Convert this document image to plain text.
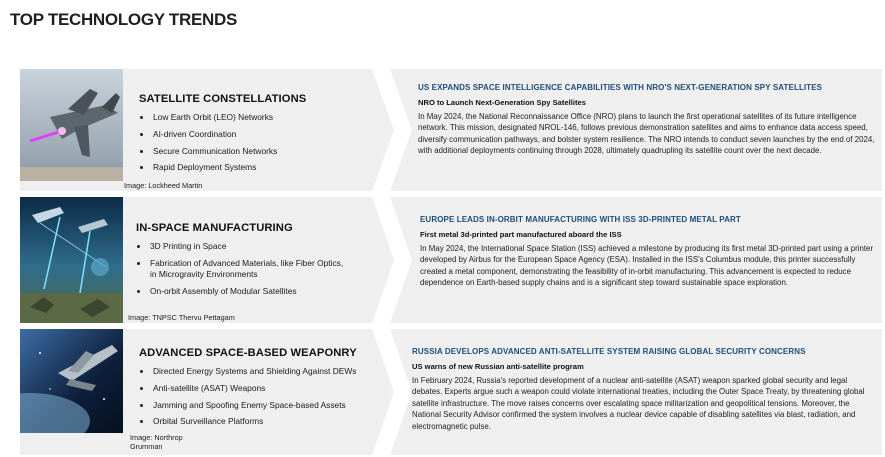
TOP TECHNOLOGY TRENDS
Image: Lockheed Martin
SATELLITE CONSTELLATIONS
Low Earth Orbit (LEO) Networks
AI-driven Coordination
Secure Communication Networks
Rapid Deployment Systems
US EXPANDS SPACE INTELLIGENCE CAPABILITIES WITH NRO'S NEXT-GENERATION SPY SATELLITES
NRO to Launch Next-Generation Spy Satellites
In May 2024, the National Reconnaissance Office (NRO) plans to launch the first operational satellites of its future intelligence network. This mission, designated NROL-146, follows previous demonstration satellites and aims to enhance data access speed, diversify communication pathways, and bolster system resilience. The NRO intends to conduct seven launches by the end of 2024, with additional deployments continuing through 2028, ultimately quadrupling its satellite count over the next decade.
Image: TNPSC Thervu Pettagam
IN-SPACE MANUFACTURING
3D Printing in Space
Fabrication of Advanced Materials, like Fiber Optics, in Microgravity Environments
On-orbit Assembly of Modular Satellites
EUROPE LEADS IN-ORBIT MANUFACTURING WITH ISS 3D-PRINTED METAL PART
First metal 3d-printed part manufactured aboard the ISS
In May 2024, the International Space Station (ISS) achieved a milestone by producing its first metal 3D-printed part using a printer developed by Airbus for the European Space Agency (ESA). Installed in the ISS's Columbus module, this printer successfully created a metal component, demonstrating the feasibility of in-orbit manufacturing. This advancement is expected to reduce dependence on Earth-based supply chains and is a significant step toward sustainable space exploration.
Image: Northrop Grumman
ADVANCED SPACE-BASED WEAPONRY
Directed Energy Systems and Shielding Against DEWs
Anti-satellite (ASAT) Weapons
Jamming and Spoofing Enemy Space-based Assets
Orbital Surveillance Platforms
RUSSIA DEVELOPS ADVANCED ANTI-SATELLITE SYSTEM RAISING GLOBAL SECURITY CONCERNS
US warns of new Russian anti-satellite program
In February 2024, Russia's reported development of a nuclear anti-satellite (ASAT) weapon sparked global security and legal debates. Experts argue such a weapon could violate international treaties, including the Outer Space Treaty, by threatening global satellite infrastructure. The move raises concerns over escalating space militarization and geopolitical tensions. Moreover, the National Security Advisor confirmed the system involves a nuclear device capable of disabling satellites via blast, radiation, and electromagnetic pulse.
